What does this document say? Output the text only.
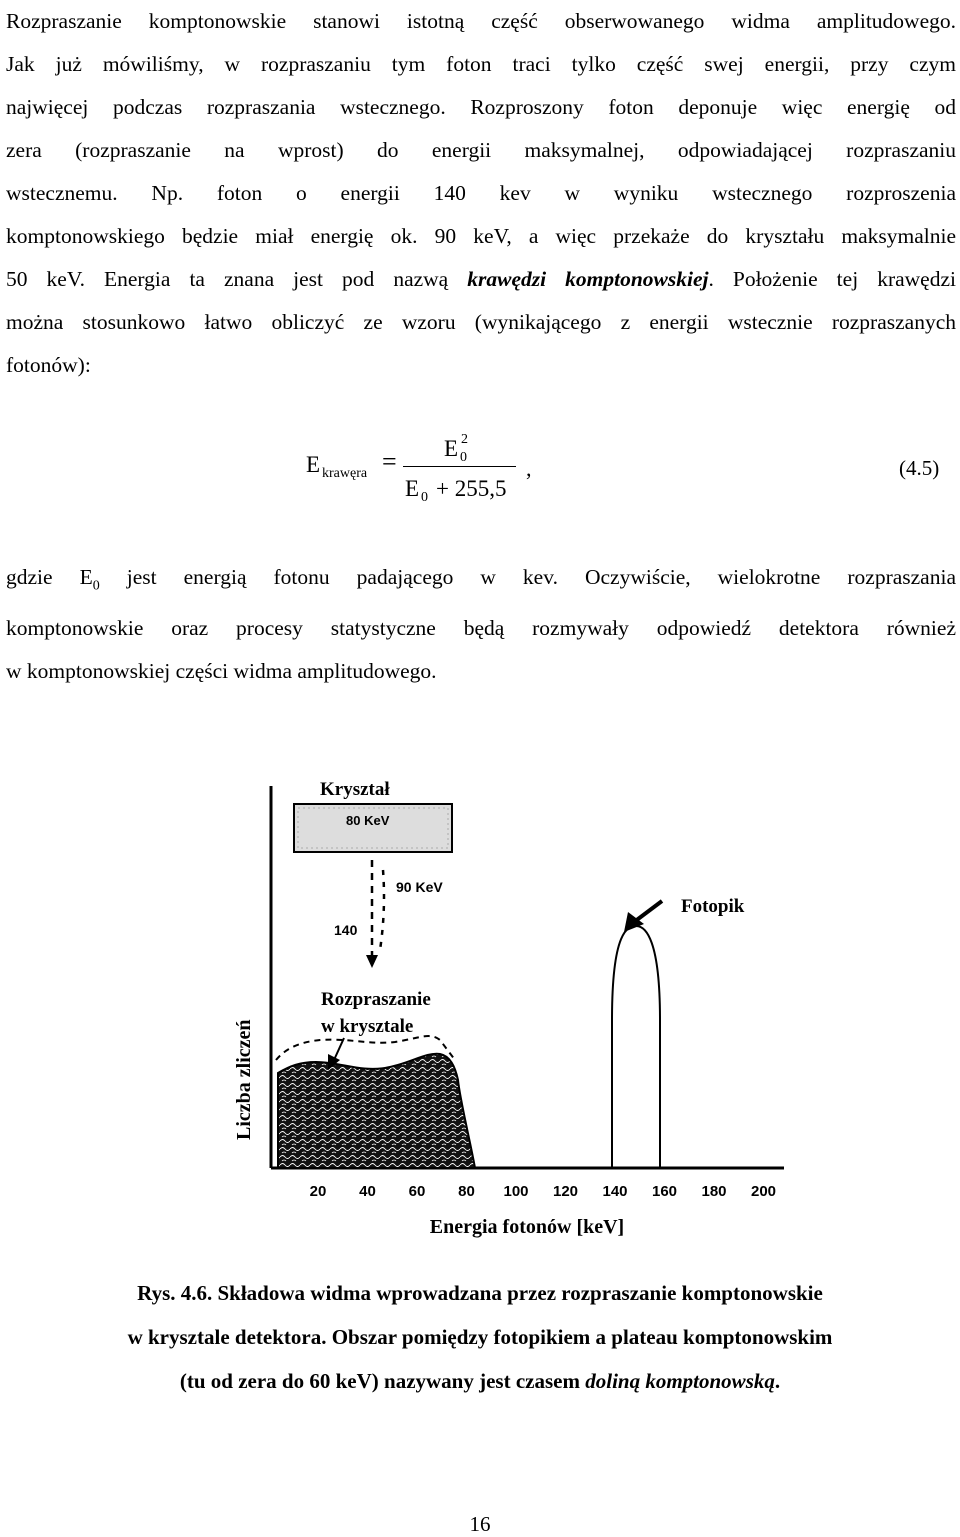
Rozpraszanie komptonowskie stanowi istotną część obserwowanego widma amplitudowego.
Jak już mówiliśmy, w rozpraszaniu tym foton traci tylko część swej energii, przy czym
najwięcej podczas rozpraszania wstecznego. Rozproszony foton deponuje więc energię od
zera (rozpraszanie na wprost) do energii maksymalnej, odpowiadającej rozpraszaniu
wstecznemu. Np. foton o energii 140 kev w wyniku wstecznego rozproszenia
komptonowskiego będzie miał energię ok. 90 keV, a więc przekaże do kryształu maksymalnie
50 keV. Energia ta znana jest pod nazwą krawędzi komptonowskiej. Położenie tej krawędzi
można stosunkowo łatwo obliczyć ze wzoru (wynikającego z energii wstecznie rozpraszanych
fotonów):
E krawęra = E 0
2
E 0 + 255,5
,	(4.5)
gdzie $E_0$ jest energią fotonu padającego w kev. Oczywiście, wielokrotne rozpraszania
komptonowskie oraz procesy statystyczne będą rozmywały odpowiedź detektora również
w komptonowskiej części widma amplitudowego.
Kryształ
80 KeV
90 KeV
140
Fotopik
Rozpraszanie
w krysztale
Liczba zliczeń
20 40 60 80 100 120 140 160 180 200
Energia fotonów [keV]
Rys. 4.6. Składowa widma wprowadzana przez rozpraszanie komptonowskie
w krysztale detektora. Obszar pomiędzy fotopikiem a plateau komptonowskim
(tu od zera do 60 keV) nazywany jest czasem doliną komptonowską.
16
